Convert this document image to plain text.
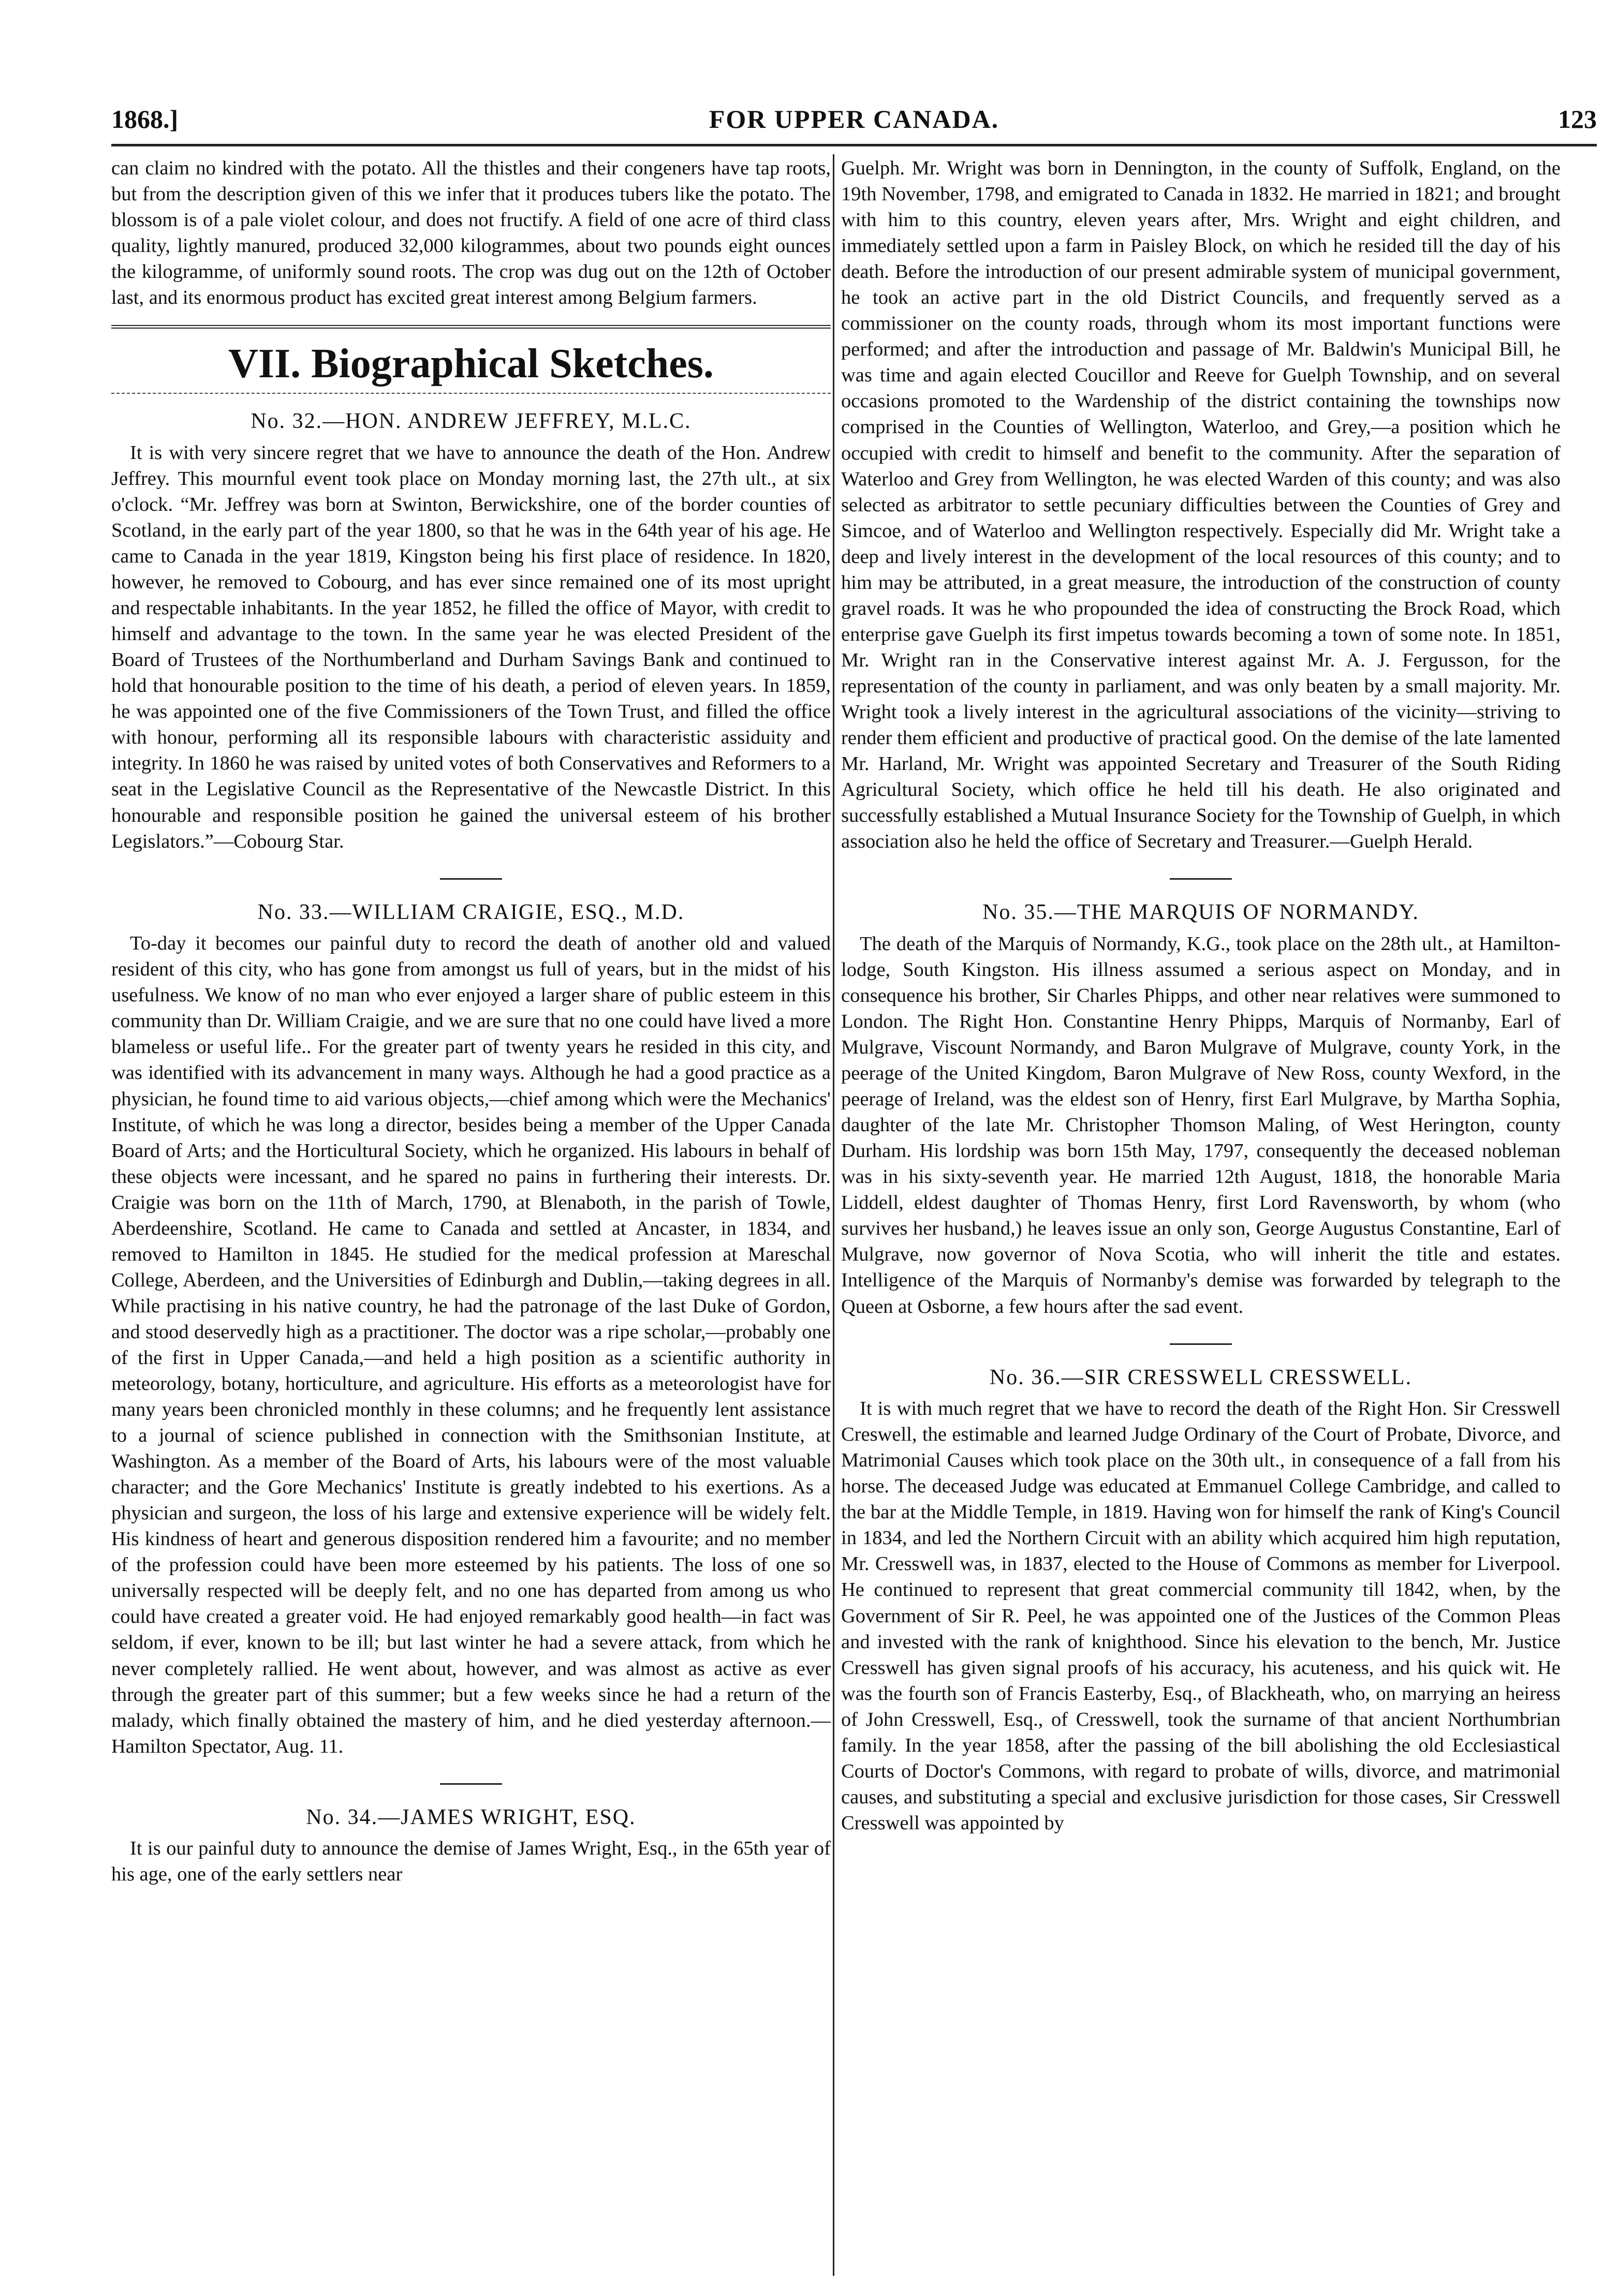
1868.]	FOR UPPER CANADA.	123

can claim no kindred with the potato. All the thistles and their congeners have tap roots, but from the description given of this we infer that it produces tubers like the potato. The blossom is of a pale violet colour, and does not fructify. A field of one acre of third class quality, lightly manured, produced 32,000 kilogrammes, about two pounds eight ounces the kilogramme, of uniformly sound roots. The crop was dug out on the 12th of October last, and its enormous product has excited great interest among Belgium farmers.

VII. Biographical Sketches.
No. 32.—HON. ANDREW JEFFREY, M.L.C.

It is with very sincere regret that we have to announce the death of the Hon. Andrew Jeffrey. This mournful event took place on Monday morning last, the 27th ult., at six o'clock. “Mr. Jeffrey was born at Swinton, Berwickshire, one of the border counties of Scotland, in the early part of the year 1800, so that he was in the 64th year of his age. He came to Canada in the year 1819, Kingston being his first place of residence. In 1820, however, he removed to Cobourg, and has ever since remained one of its most upright and respectable inhabitants. In the year 1852, he filled the office of Mayor, with credit to himself and advantage to the town. In the same year he was elected President of the Board of Trustees of the Northumberland and Durham Savings Bank and continued to hold that honourable position to the time of his death, a period of eleven years. In 1859, he was appointed one of the five Commissioners of the Town Trust, and filled the office with honour, performing all its responsible labours with characteristic assiduity and integrity. In 1860 he was raised by united votes of both Conservatives and Reformers to a seat in the Legislative Council as the Representative of the Newcastle District. In this honourable and responsible position he gained the universal esteem of his brother Legislators.”—Cobourg Star.

No. 33.—WILLIAM CRAIGIE, ESQ., M.D.

To-day it becomes our painful duty to record the death of another old and valued resident of this city, who has gone from amongst us full of years, but in the midst of his usefulness. We know of no man who ever enjoyed a larger share of public esteem in this community than Dr. William Craigie, and we are sure that no one could have lived a more blameless or useful life.. For the greater part of twenty years he resided in this city, and was identified with its advancement in many ways. Although he had a good practice as a physician, he found time to aid various objects,—chief among which were the Mechanics' Institute, of which he was long a director, besides being a member of the Upper Canada Board of Arts; and the Horticultural Society, which he organized. His labours in behalf of these objects were incessant, and he spared no pains in furthering their interests. Dr. Craigie was born on the 11th of March, 1790, at Blenaboth, in the parish of Towle, Aberdeenshire, Scotland. He came to Canada and settled at Ancaster, in 1834, and removed to Hamilton in 1845. He studied for the medical profession at Mareschal College, Aberdeen, and the Universities of Edinburgh and Dublin,—taking degrees in all. While practising in his native country, he had the patronage of the last Duke of Gordon, and stood deservedly high as a practitioner. The doctor was a ripe scholar,—probably one of the first in Upper Canada,—and held a high position as a scientific authority in meteorology, botany, horticulture, and agriculture. His efforts as a meteorologist have for many years been chronicled monthly in these columns; and he frequently lent assistance to a journal of science published in connection with the Smithsonian Institute, at Washington. As a member of the Board of Arts, his labours were of the most valuable character; and the Gore Mechanics' Institute is greatly indebted to his exertions. As a physician and surgeon, the loss of his large and extensive experience will be widely felt. His kindness of heart and generous disposition rendered him a favourite; and no member of the profession could have been more esteemed by his patients. The loss of one so universally respected will be deeply felt, and no one has departed from among us who could have created a greater void. He had enjoyed remarkably good health—in fact was seldom, if ever, known to be ill; but last winter he had a severe attack, from which he never completely rallied. He went about, however, and was almost as active as ever through the greater part of this summer; but a few weeks since he had a return of the malady, which finally obtained the mastery of him, and he died yesterday afternoon.—Hamilton Spectator, Aug. 11.

No. 34.—JAMES WRIGHT, ESQ.

It is our painful duty to announce the demise of James Wright, Esq., in the 65th year of his age, one of the early settlers near

Guelph. Mr. Wright was born in Dennington, in the county of Suffolk, England, on the 19th November, 1798, and emigrated to Canada in 1832. He married in 1821; and brought with him to this country, eleven years after, Mrs. Wright and eight children, and immediately settled upon a farm in Paisley Block, on which he resided till the day of his death. Before the introduction of our present admirable system of municipal government, he took an active part in the old District Councils, and frequently served as a commissioner on the county roads, through whom its most important functions were performed; and after the introduction and passage of Mr. Baldwin's Municipal Bill, he was time and again elected Coucillor and Reeve for Guelph Township, and on several occasions promoted to the Wardenship of the district containing the townships now comprised in the Counties of Wellington, Waterloo, and Grey,—a position which he occupied with credit to himself and benefit to the community. After the separation of Waterloo and Grey from Wellington, he was elected Warden of this county; and was also selected as arbitrator to settle pecuniary difficulties between the Counties of Grey and Simcoe, and of Waterloo and Wellington respectively. Especially did Mr. Wright take a deep and lively interest in the development of the local resources of this county; and to him may be attributed, in a great measure, the introduction of the construction of county gravel roads. It was he who propounded the idea of constructing the Brock Road, which enterprise gave Guelph its first impetus towards becoming a town of some note. In 1851, Mr. Wright ran in the Conservative interest against Mr. A. J. Fergusson, for the representation of the county in parliament, and was only beaten by a small majority. Mr. Wright took a lively interest in the agricultural associations of the vicinity—striving to render them efficient and productive of practical good. On the demise of the late lamented Mr. Harland, Mr. Wright was appointed Secretary and Treasurer of the South Riding Agricultural Society, which office he held till his death. He also originated and successfully established a Mutual Insurance Society for the Township of Guelph, in which association also he held the office of Secretary and Treasurer.—Guelph Herald.

No. 35.—THE MARQUIS OF NORMANDY.

The death of the Marquis of Normandy, K.G., took place on the 28th ult., at Hamilton-lodge, South Kingston. His illness assumed a serious aspect on Monday, and in consequence his brother, Sir Charles Phipps, and other near relatives were summoned to London. The Right Hon. Constantine Henry Phipps, Marquis of Normanby, Earl of Mulgrave, Viscount Normandy, and Baron Mulgrave of Mulgrave, county York, in the peerage of the United Kingdom, Baron Mulgrave of New Ross, county Wexford, in the peerage of Ireland, was the eldest son of Henry, first Earl Mulgrave, by Martha Sophia, daughter of the late Mr. Christopher Thomson Maling, of West Herington, county Durham. His lordship was born 15th May, 1797, consequently the deceased nobleman was in his sixty-seventh year. He married 12th August, 1818, the honorable Maria Liddell, eldest daughter of Thomas Henry, first Lord Ravensworth, by whom (who survives her husband,) he leaves issue an only son, George Augustus Constantine, Earl of Mulgrave, now governor of Nova Scotia, who will inherit the title and estates. Intelligence of the Marquis of Normanby's demise was forwarded by telegraph to the Queen at Osborne, a few hours after the sad event.

No. 36.—SIR CRESSWELL CRESSWELL.

It is with much regret that we have to record the death of the Right Hon. Sir Cresswell Creswell, the estimable and learned Judge Ordinary of the Court of Probate, Divorce, and Matrimonial Causes which took place on the 30th ult., in consequence of a fall from his horse. The deceased Judge was educated at Emmanuel College Cambridge, and called to the bar at the Middle Temple, in 1819. Having won for himself the rank of King's Council in 1834, and led the Northern Circuit with an ability which acquired him high reputation, Mr. Cresswell was, in 1837, elected to the House of Commons as member for Liverpool. He continued to represent that great commercial community till 1842, when, by the Government of Sir R. Peel, he was appointed one of the Justices of the Common Pleas and invested with the rank of knighthood. Since his elevation to the bench, Mr. Justice Cresswell has given signal proofs of his accuracy, his acuteness, and his quick wit. He was the fourth son of Francis Easterby, Esq., of Blackheath, who, on marrying an heiress of John Cresswell, Esq., of Cresswell, took the surname of that ancient Northumbrian family. In the year 1858, after the passing of the bill abolishing the old Ecclesiastical Courts of Doctor's Commons, with regard to probate of wills, divorce, and matrimonial causes, and substituting a special and exclusive jurisdiction for those cases, Sir Cresswell Cresswell was appointed by
